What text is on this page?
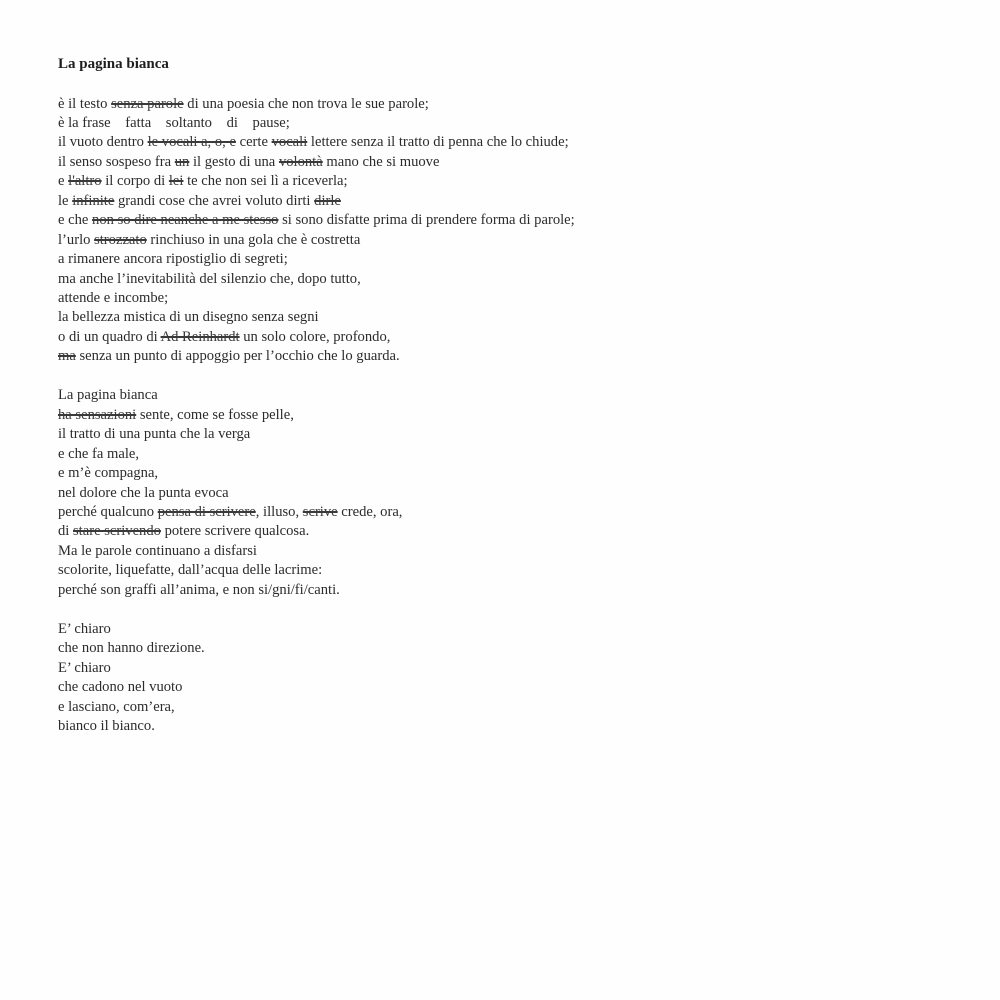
La pagina bianca
è il testo senza parole di una poesia che non trova le sue parole;
è la frase    fatta    soltanto    di    pause;
il vuoto dentro le vocali a, o, e certe vocali lettere senza il tratto di penna che lo chiude;
il senso sospeso fra un il gesto di una volontà mano che si muove
e l'altro il corpo di lei te che non sei lì a riceverla;
le infinite grandi cose che avrei voluto dirti dirle
e che non so dire neanche a me stesso si sono disfatte prima di prendere forma di parole;
l’urlo strozzato rinchiuso in una gola che è costretta
a rimanere ancora ripostiglio di segreti;
ma anche l’inevitabilità del silenzio che, dopo tutto,
attende e incombe;
la bellezza mistica di un disegno senza segni
o di un quadro di Ad Reinhardt un solo colore, profondo,
ma senza un punto di appoggio per l’occhio che lo guarda.
La pagina bianca
ha sensazioni sente, come se fosse pelle,
il tratto di una punta che la verga
e che fa male,
e m’è compagna,
nel dolore che la punta evoca
perché qualcuno pensa di scrivere, illuso, scrive crede, ora,
di stare scrivendo potere scrivere qualcosa.
Ma le parole continuano a disfarsi
scolorite, liquefatte, dall’acqua delle lacrime:
perché son graffi all’anima, e non si/gni/fi/canti.
E’ chiaro
che non hanno direzione.
E’ chiaro
che cadono nel vuoto
e lasciano, com’era,
bianco il bianco.
